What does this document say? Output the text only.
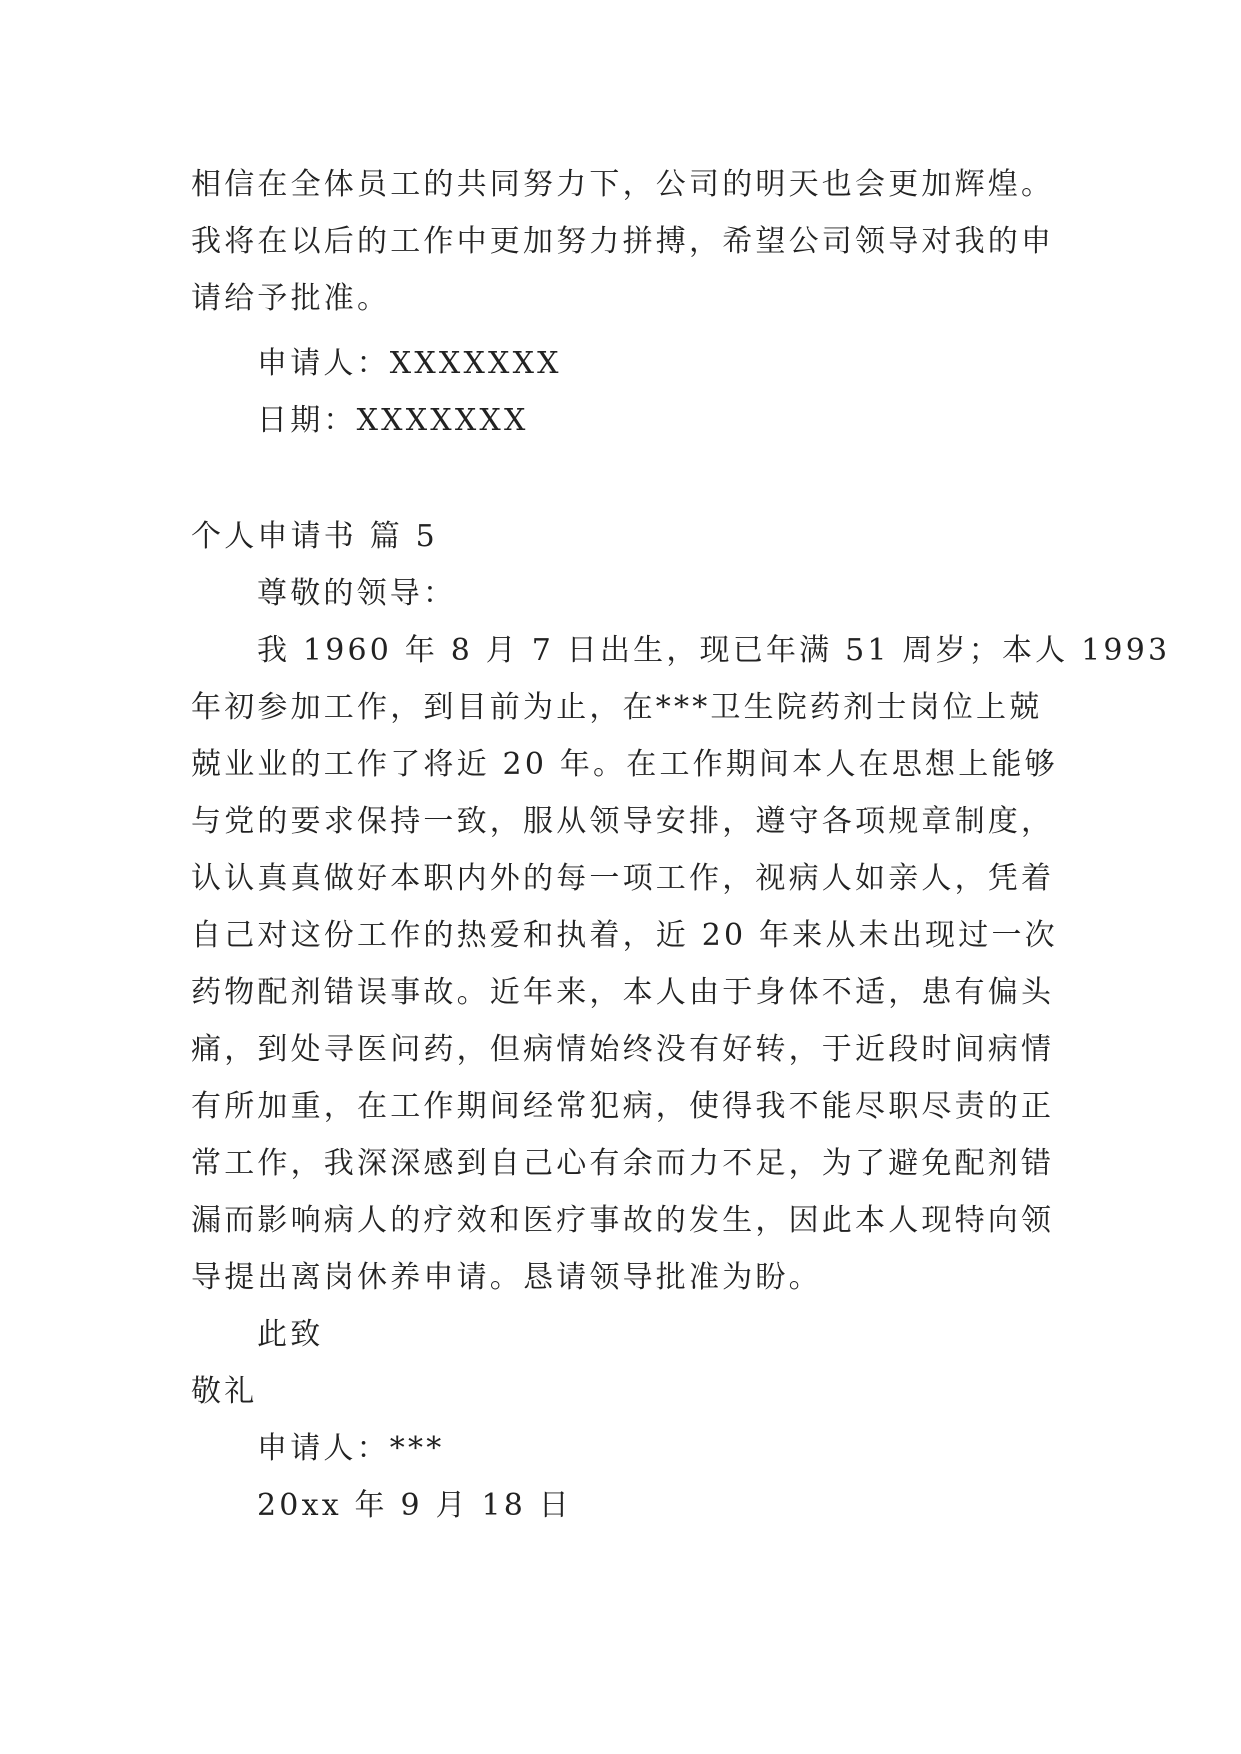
相信在全体员工的共同努力下，公司的明天也会更加辉煌。
我将在以后的工作中更加努力拼搏，希望公司领导对我的申
请给予批准。
申请人：XXXXXXX
日期：XXXXXXX
个人申请书 篇 5
尊敬的领导：
我 1960 年 8 月 7 日出生，现已年满 51 周岁；本人 1993
年初参加工作，到目前为止，在***卫生院药剂士岗位上兢
兢业业的工作了将近 20 年。在工作期间本人在思想上能够
与党的要求保持一致，服从领导安排，遵守各项规章制度，
认认真真做好本职内外的每一项工作，视病人如亲人，凭着
自己对这份工作的热爱和执着，近 20 年来从未出现过一次
药物配剂错误事故。近年来，本人由于身体不适，患有偏头
痛，到处寻医问药，但病情始终没有好转，于近段时间病情
有所加重，在工作期间经常犯病，使得我不能尽职尽责的正
常工作，我深深感到自己心有余而力不足，为了避免配剂错
漏而影响病人的疗效和医疗事故的发生，因此本人现特向领
导提出离岗休养申请。恳请领导批准为盼。
此致
敬礼
申请人：***
20xx 年 9 月 18 日
